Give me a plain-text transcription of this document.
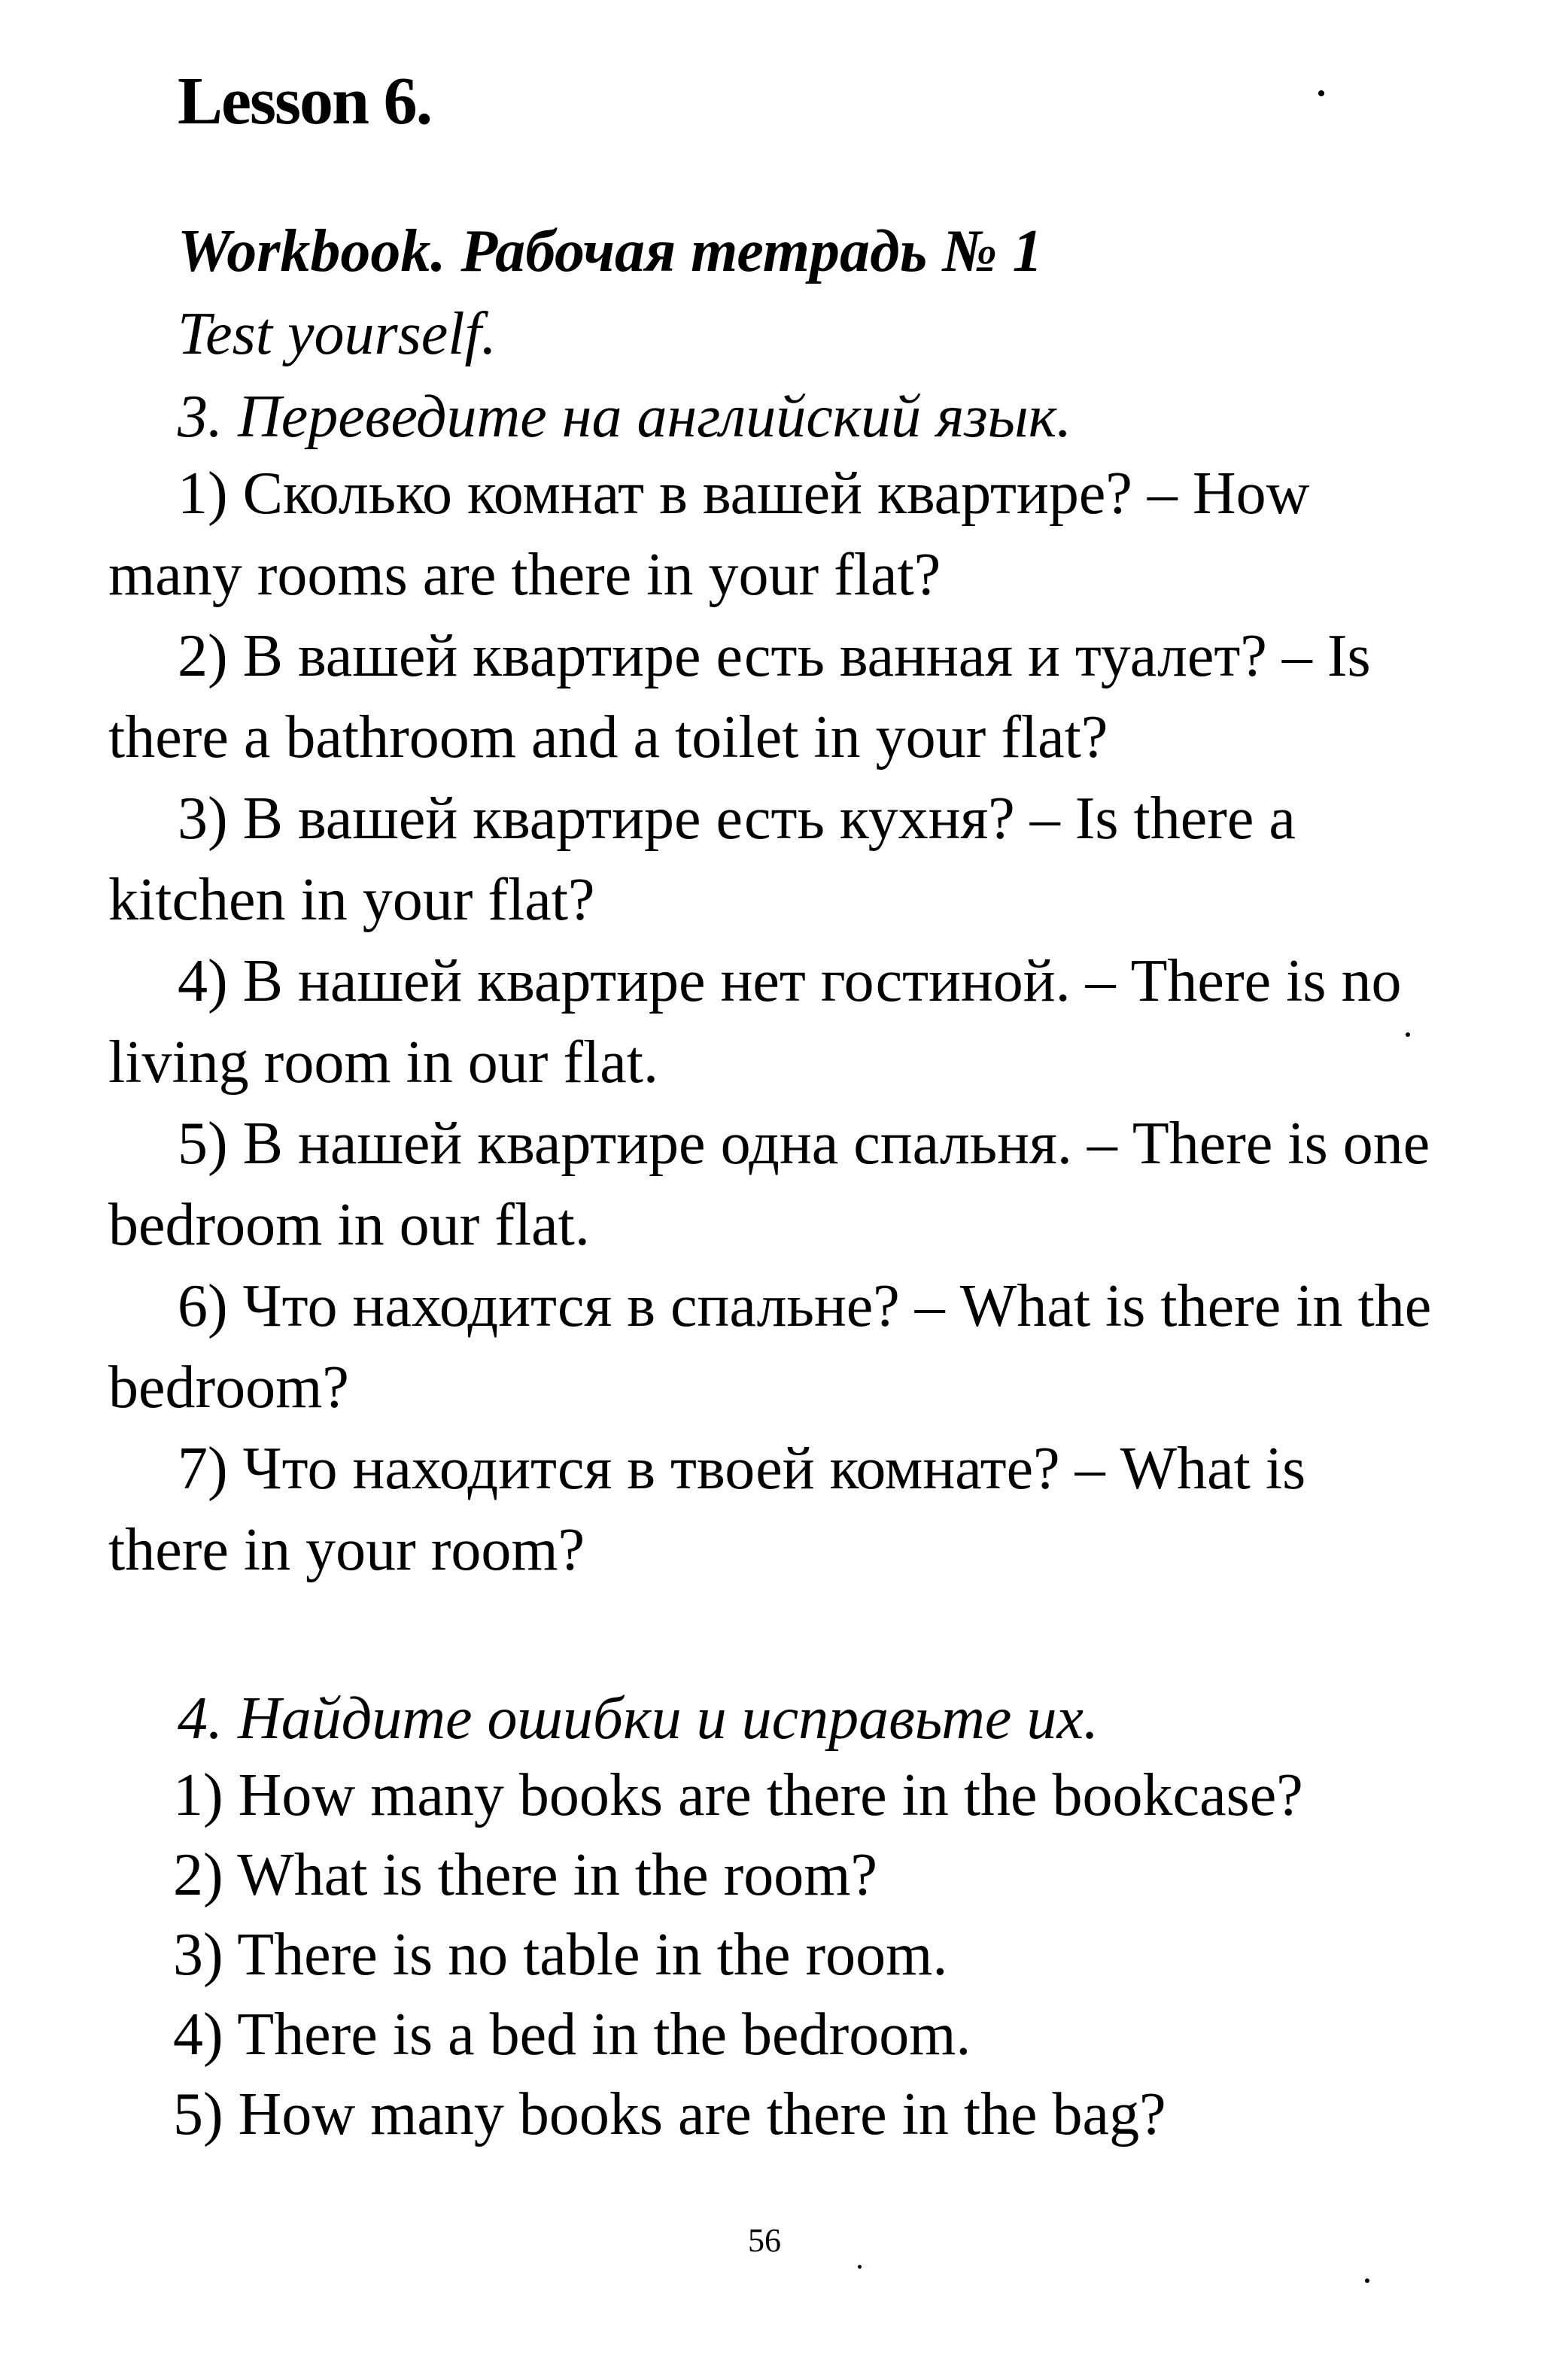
Lesson 6.
Workbook. Рабочая тетрадь № 1
Test yourself.
3. Переведите на английский язык.

1) Сколько комнат в вашей квартире? – How many rooms are there in your flat?

2) В вашей квартире есть ванная и туалет? – Is there a bathroom and a toilet in your flat?

3) В вашей квартире есть кухня? – Is there a kitchen in your flat?

4) В нашей квартире нет гостиной. – There is no living room in our flat.

5) В нашей квартире одна спальня. – There is one bedroom in our flat.

6) Что находится в спальне? – What is there in the bedroom?

7) Что находится в твоей комнате? – What is there in your room?

4. Найдите ошибки и исправьте их.
1) How many books are there in the bookcase?
2) What is there in the room?
3) There is no table in the room.
4) There is a bed in the bedroom.
5) How many books are there in the bag?
56
